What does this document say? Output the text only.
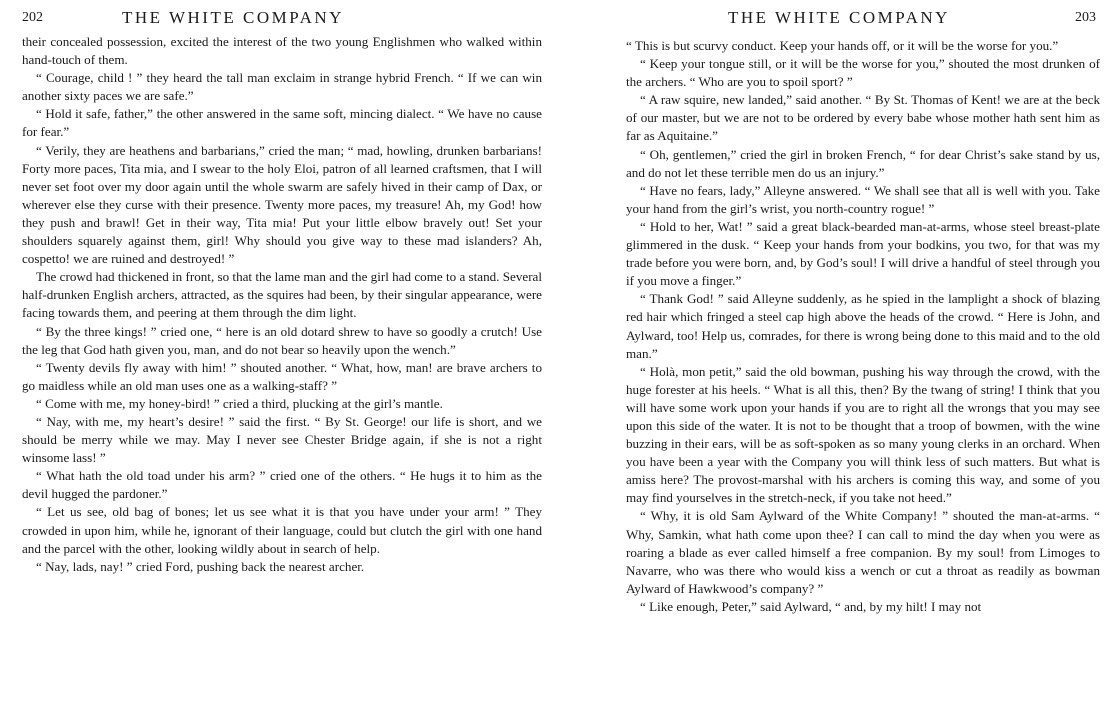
202	THE WHITE COMPANY

their concealed possession, excited the interest of the two young Englishmen who walked within hand-touch of them.

“ Courage, child ! ” they heard the tall man exclaim in strange hybrid French. “ If we can win another sixty paces we are safe.”

“ Hold it safe, father,” the other answered in the same soft, mincing dialect. “ We have no cause for fear.”

“ Verily, they are heathens and barbarians,” cried the man; “ mad, howling, drunken barbarians! Forty more paces, Tita mia, and I swear to the holy Eloi, patron of all learned craftsmen, that I will never set foot over my door again until the whole swarm are safely hived in their camp of Dax, or wherever else they curse with their presence. Twenty more paces, my treasure! Ah, my God! how they push and brawl! Get in their way, Tita mia! Put your little elbow bravely out! Set your shoulders squarely against them, girl! Why should you give way to these mad islanders? Ah, cospetto! we are ruined and destroyed! ”

The crowd had thickened in front, so that the lame man and the girl had come to a stand. Several half-drunken English archers, attracted, as the squires had been, by their singular appearance, were facing towards them, and peering at them through the dim light.

“ By the three kings! ” cried one, “ here is an old dotard shrew to have so goodly a crutch! Use the leg that God hath given you, man, and do not bear so heavily upon the wench.”

“ Twenty devils fly away with him! ” shouted another. “ What, how, man! are brave archers to go maidless while an old man uses one as a walking-staff? ”

“ Come with me, my honey-bird! ” cried a third, plucking at the girl’s mantle.

“ Nay, with me, my heart’s desire! ” said the first. “ By St. George! our life is short, and we should be merry while we may. May I never see Chester Bridge again, if she is not a right winsome lass! ”

“ What hath the old toad under his arm? ” cried one of the others. “ He hugs it to him as the devil hugged the pardoner.”

“ Let us see, old bag of bones; let us see what it is that you have under your arm! ” They crowded in upon him, while he, ignorant of their language, could but clutch the girl with one hand and the parcel with the other, looking wildly about in search of help.

“ Nay, lads, nay! ” cried Ford, pushing back the nearest archer.

THE WHITE COMPANY	203

“ This is but scurvy conduct. Keep your hands off, or it will be the worse for you.”

“ Keep your tongue still, or it will be the worse for you,” shouted the most drunken of the archers. “ Who are you to spoil sport? ”

“ A raw squire, new landed,” said another. “ By St. Thomas of Kent! we are at the beck of our master, but we are not to be ordered by every babe whose mother hath sent him as far as Aquitaine.”

“ Oh, gentlemen,” cried the girl in broken French, “ for dear Christ’s sake stand by us, and do not let these terrible men do us an injury.”

“ Have no fears, lady,” Alleyne answered. “ We shall see that all is well with you. Take your hand from the girl’s wrist, you north-country rogue! ”

“ Hold to her, Wat! ” said a great black-bearded man-at-arms, whose steel breast-plate glimmered in the dusk. “ Keep your hands from your bodkins, you two, for that was my trade before you were born, and, by God’s soul! I will drive a handful of steel through you if you move a finger.”

“ Thank God! ” said Alleyne suddenly, as he spied in the lamplight a shock of blazing red hair which fringed a steel cap high above the heads of the crowd. “ Here is John, and Aylward, too! Help us, comrades, for there is wrong being done to this maid and to the old man.”

“ Holà, mon petit,” said the old bowman, pushing his way through the crowd, with the huge forester at his heels. “ What is all this, then? By the twang of string! I think that you will have some work upon your hands if you are to right all the wrongs that you may see upon this side of the water. It is not to be thought that a troop of bowmen, with the wine buzzing in their ears, will be as soft-spoken as so many young clerks in an orchard. When you have been a year with the Company you will think less of such matters. But what is amiss here? The provost-marshal with his archers is coming this way, and some of you may find yourselves in the stretch-neck, if you take not heed.”

“ Why, it is old Sam Aylward of the White Company! ” shouted the man-at-arms. “ Why, Samkin, what hath come upon thee? I can call to mind the day when you were as roaring a blade as ever called himself a free companion. By my soul! from Limoges to Navarre, who was there who would kiss a wench or cut a throat as readily as bowman Aylward of Hawkwood’s company? ”

“ Like enough, Peter,” said Aylward, “ and, by my hilt! I may not
